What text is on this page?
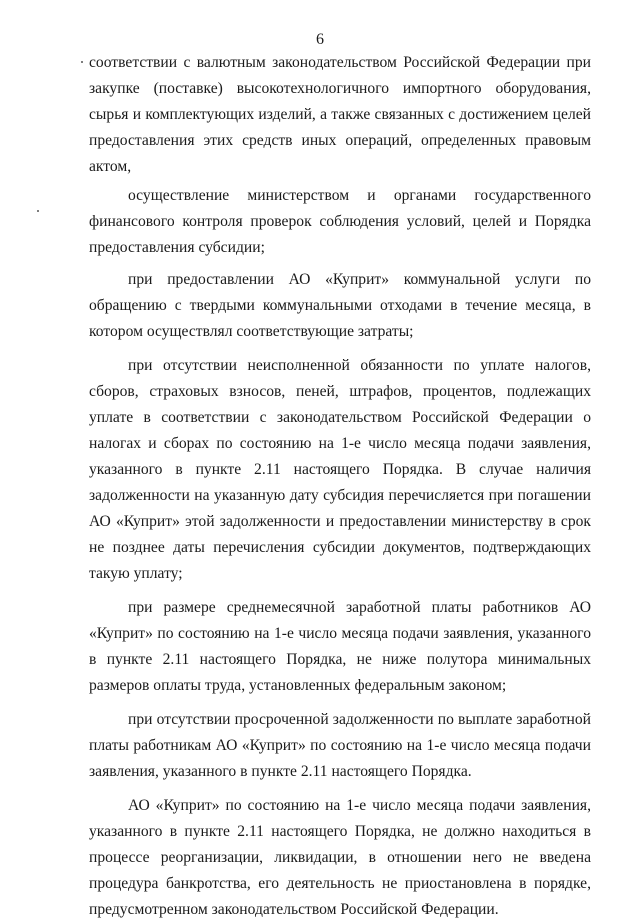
6

соответствии с валютным законодательством Российской Федерации при закупке (поставке) высокотехнологичного импортного оборудования, сырья и комплектующих изделий, а также связанных с достижением целей предоставления этих средств иных операций, определенных правовым актом,

осуществление министерством и органами государственного финансового контроля проверок соблюдения условий, целей и Порядка предоставления субсидии;

при предоставлении АО «Куприт» коммунальной услуги по обращению с твердыми коммунальными отходами в течение месяца, в котором осуществлял соответствующие затраты;

при отсутствии неисполненной обязанности по уплате налогов, сборов, страховых взносов, пеней, штрафов, процентов, подлежащих уплате в соответствии с законодательством Российской Федерации о налогах и сборах по состоянию на 1-е число месяца подачи заявления, указанного в пункте 2.11 настоящего Порядка. В случае наличия задолженности на указанную дату субсидия перечисляется при погашении АО «Куприт» этой задолженности и предоставлении министерству в срок не позднее даты перечисления субсидии документов, подтверждающих такую уплату;

при размере среднемесячной заработной платы работников АО «Куприт» по состоянию на 1-е число месяца подачи заявления, указанного в пункте 2.11 настоящего Порядка, не ниже полутора минимальных размеров оплаты труда, установленных федеральным законом;

при отсутствии просроченной задолженности по выплате заработной платы работникам АО «Куприт» по состоянию на 1-е число месяца подачи заявления, указанного в пункте 2.11 настоящего Порядка.

АО «Куприт» по состоянию на 1-е число месяца подачи заявления, указанного в пункте 2.11 настоящего Порядка, не должно находиться в процессе реорганизации, ликвидации, в отношении него не введена процедура банкротства, его деятельность не приостановлена в порядке, предусмотренном законодательством Российской Федерации.
